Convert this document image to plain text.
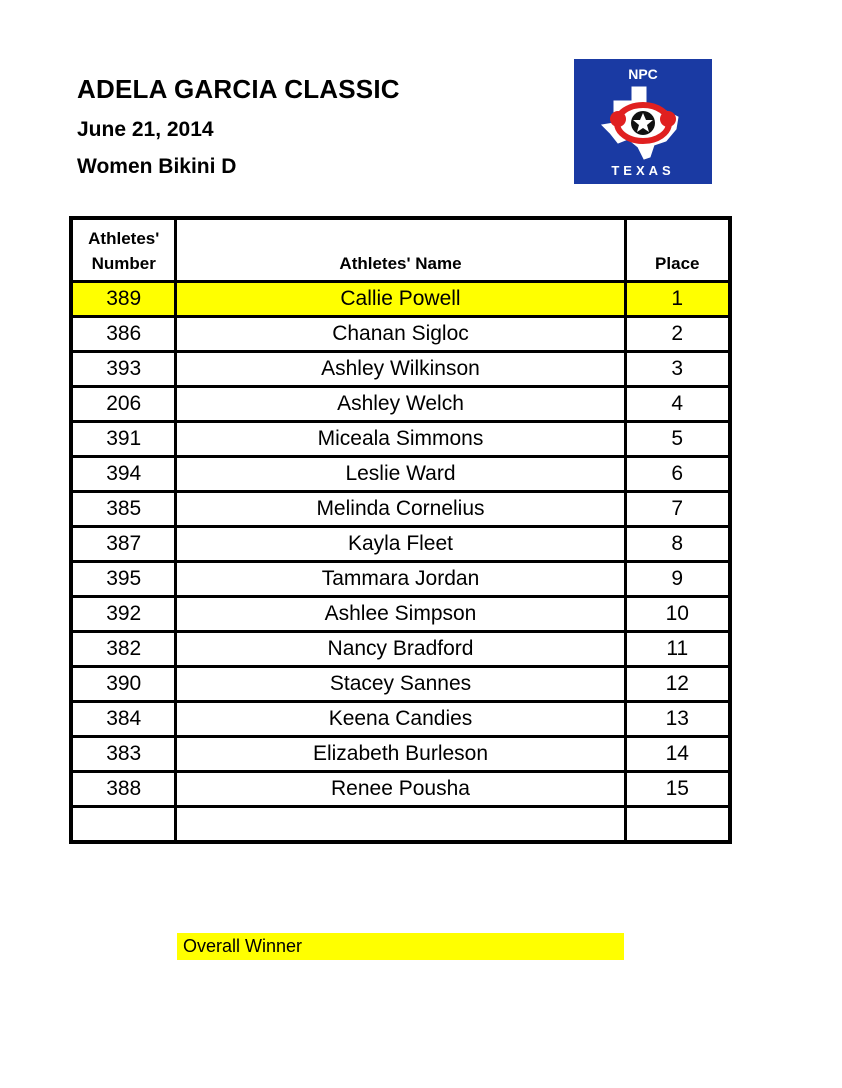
ADELA GARCIA CLASSIC
June 21, 2014
Women Bikini D
NPC
TEXAS
Athletes' Number	Athletes' Name	Place
389	Callie Powell	1
386	Chanan Sigloc	2
393	Ashley Wilkinson	3
206	Ashley Welch	4
391	Miceala Simmons	5
394	Leslie Ward	6
385	Melinda Cornelius	7
387	Kayla Fleet	8
395	Tammara Jordan	9
392	Ashlee Simpson	10
382	Nancy Bradford	11
390	Stacey Sannes	12
384	Keena Candies	13
383	Elizabeth Burleson	14
388	Renee Pousha	15

Overall Winner
